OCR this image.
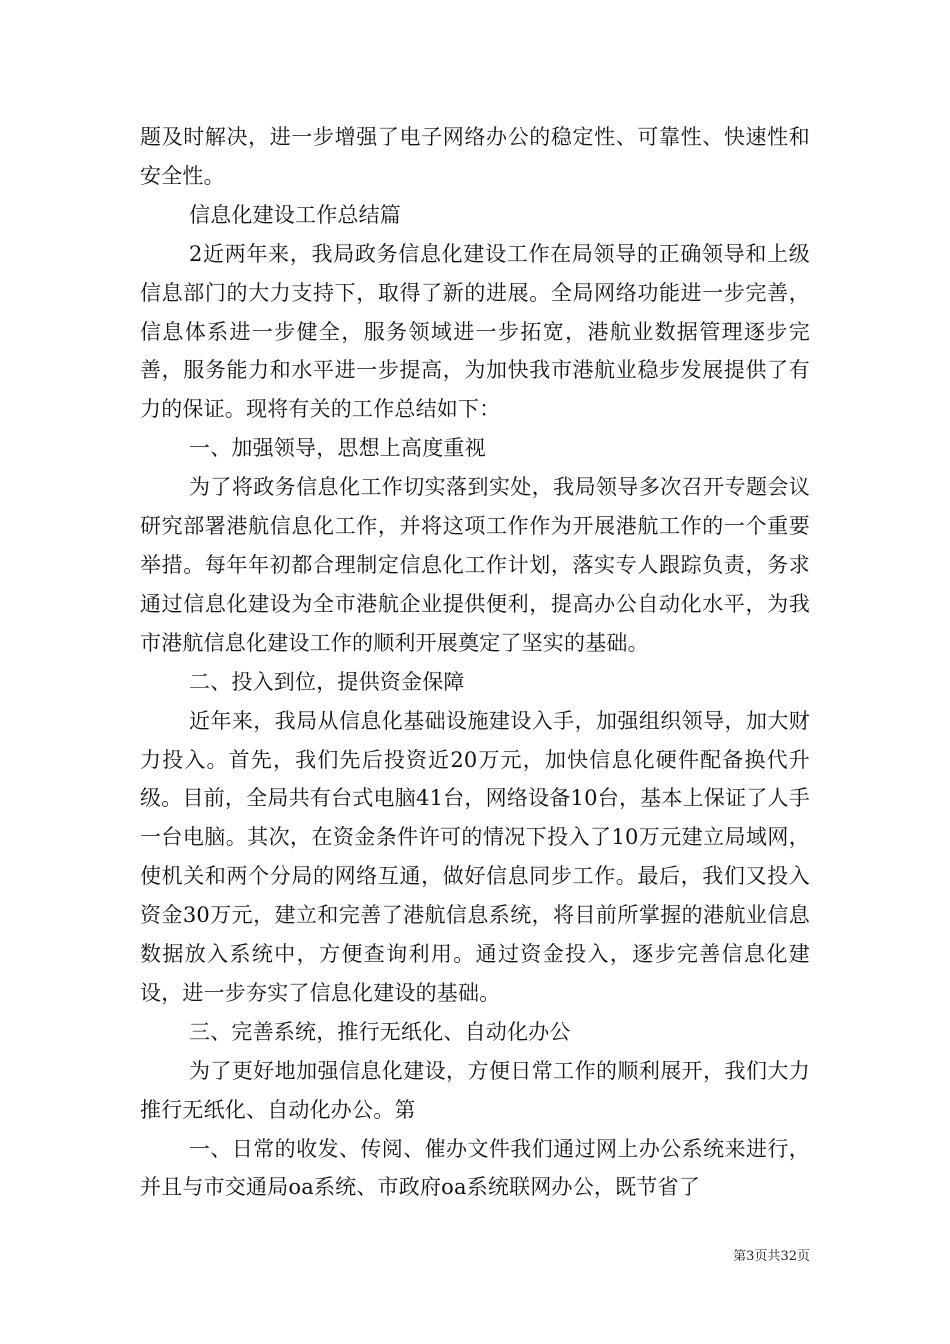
题及时解决，进一步增强了电子网络办公的稳定性、可靠性、快速性和安全性。

信息化建设工作总结篇

2近两年来，我局政务信息化建设工作在局领导的正确领导和上级信息部门的大力支持下，取得了新的进展。全局网络功能进一步完善，信息体系进一步健全，服务领域进一步拓宽，港航业数据管理逐步完善，服务能力和水平进一步提高，为加快我市港航业稳步发展提供了有力的保证。现将有关的工作总结如下：

一、加强领导，思想上高度重视

为了将政务信息化工作切实落到实处，我局领导多次召开专题会议研究部署港航信息化工作，并将这项工作作为开展港航工作的一个重要举措。每年年初都合理制定信息化工作计划，落实专人跟踪负责，务求通过信息化建设为全市港航企业提供便利，提高办公自动化水平，为我市港航信息化建设工作的顺利开展奠定了坚实的基础。

二、投入到位，提供资金保障

近年来，我局从信息化基础设施建设入手，加强组织领导，加大财力投入。首先，我们先后投资近20万元，加快信息化硬件配备换代升级。目前，全局共有台式电脑41台，网络设备10台，基本上保证了人手一台电脑。其次，在资金条件许可的情况下投入了10万元建立局域网，使机关和两个分局的网络互通，做好信息同步工作。最后，我们又投入资金30万元，建立和完善了港航信息系统，将目前所掌握的港航业信息数据放入系统中，方便查询利用。通过资金投入，逐步完善信息化建设，进一步夯实了信息化建设的基础。

三、完善系统，推行无纸化、自动化办公

为了更好地加强信息化建设，方便日常工作的顺利展开，我们大力推行无纸化、自动化办公。第

一、日常的收发、传阅、催办文件我们通过网上办公系统来进行，并且与市交通局oa系统、市政府oa系统联网办公，既节省了

第3页共32页
